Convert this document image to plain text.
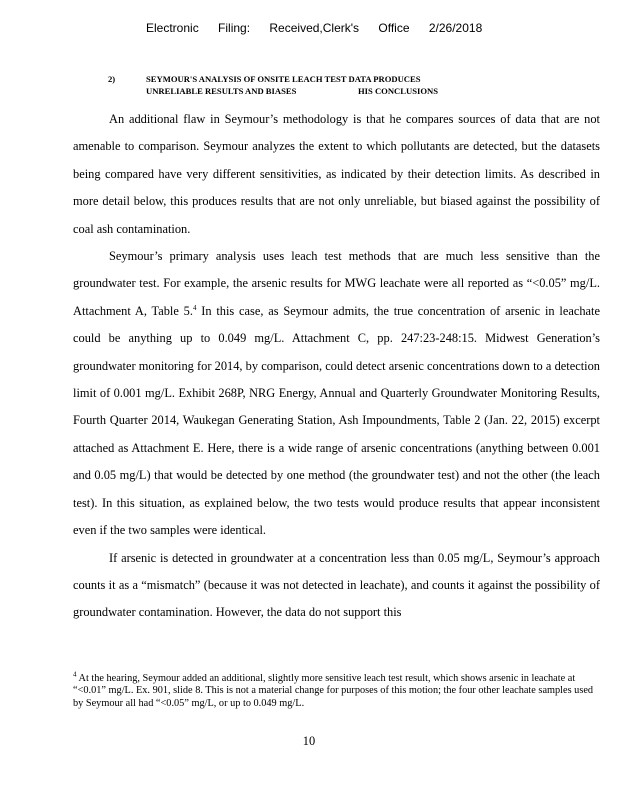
Electronic Filing: Received,Clerk's Office 2/26/2018
2)	SEYMOUR'S ANALYSIS OF ONSITE LEACH TEST DATA PRODUCES
UNRELIABLE RESULTS AND BIASES	HIS CONCLUSIONS

An additional flaw in Seymour’s methodology is that he compares sources of data that are not amenable to comparison. Seymour analyzes the extent to which pollutants are detected, but the datasets being compared have very different sensitivities, as indicated by their detection limits. As described in more detail below, this produces results that are not only unreliable, but biased against the possibility of coal ash contamination.

Seymour’s primary analysis uses leach test methods that are much less sensitive than the groundwater test. For example, the arsenic results for MWG leachate were all reported as “<0.05” mg/L. Attachment A, Table 5.$^4$ In this case, as Seymour admits, the true concentration of arsenic in leachate could be anything up to 0.049 mg/L. Attachment C, pp. 247:23-248:15. Midwest Generation’s groundwater monitoring for 2014, by comparison, could detect arsenic concentrations down to a detection limit of 0.001 mg/L. Exhibit 268P, NRG Energy, Annual and Quarterly Groundwater Monitoring Results, Fourth Quarter 2014, Waukegan Generating Station, Ash Impoundments, Table 2 (Jan. 22, 2015) excerpt attached as Attachment E. Here, there is a wide range of arsenic concentrations (anything between 0.001 and 0.05 mg/L) that would be detected by one method (the groundwater test) and not the other (the leach test). In this situation, as explained below, the two tests would produce results that appear inconsistent even if the two samples were identical.

If arsenic is detected in groundwater at a concentration less than 0.05 mg/L, Seymour’s approach counts it as a “mismatch” (because it was not detected in leachate), and counts it against the possibility of groundwater contamination. However, the data do not support this

$^4$ At the hearing, Seymour added an additional, slightly more sensitive leach test result, which shows arsenic in leachate at “<0.01” mg/L. Ex. 901, slide 8. This is not a material change for purposes of this motion; the four other leachate samples used by Seymour all had “<0.05” mg/L, or up to 0.049 mg/L.
10
